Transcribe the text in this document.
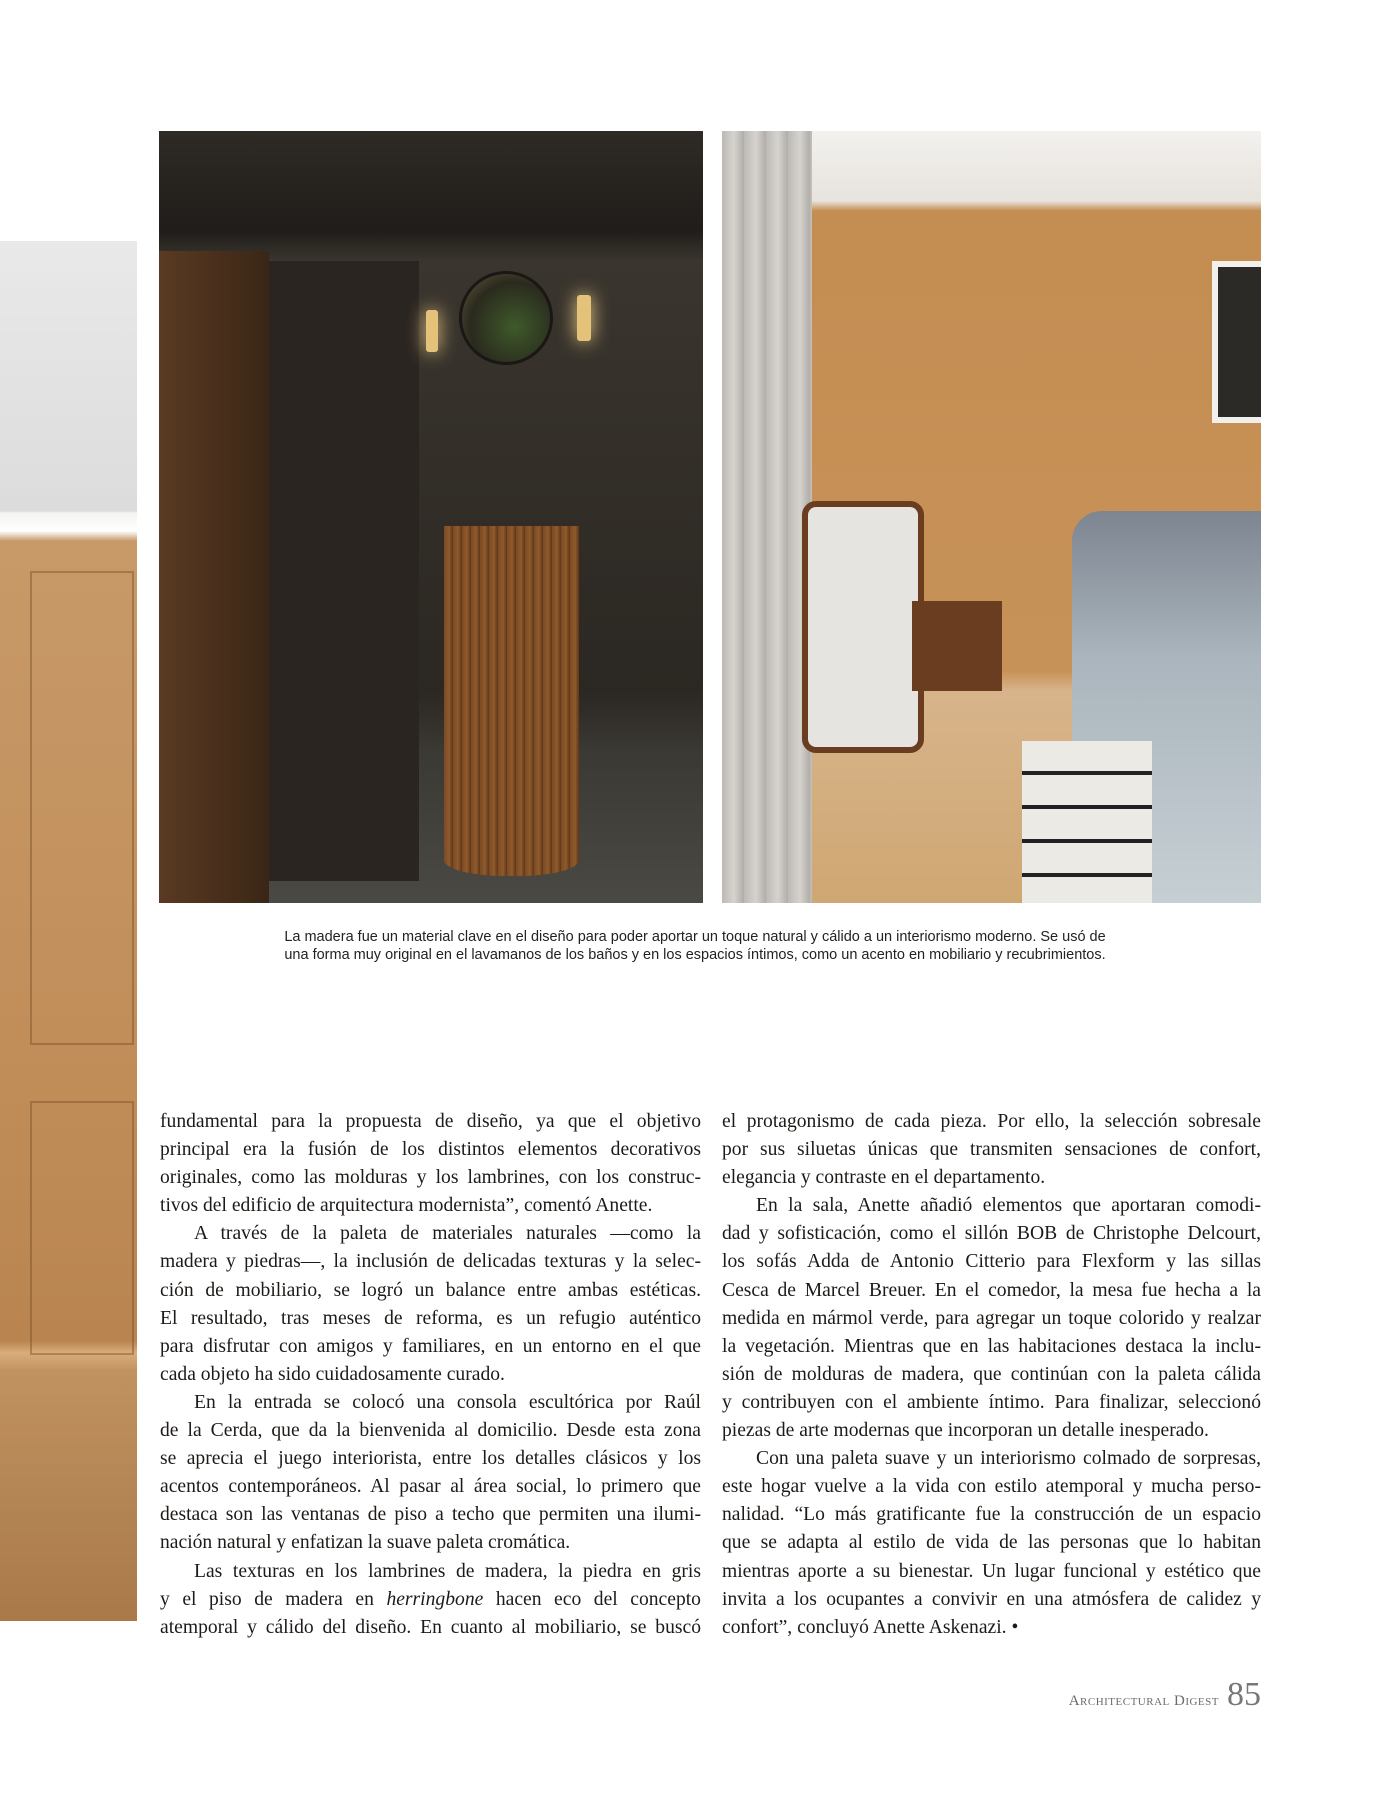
La madera fue un material clave en el diseño para poder aportar un toque natural y cálido a un interiorismo moderno. Se usó de
una forma muy original en el lavamanos de los baños y en los espacios íntimos, como un acento en mobiliario y recubrimientos.
fundamental para la propuesta de diseño, ya que el objetivo
principal era la fusión de los distintos elementos decorativos
originales, como las molduras y los lambrines, con los construc-
tivos del edificio de arquitectura modernista”, comentó Anette.
A través de la paleta de materiales naturales —como la
madera y piedras—, la inclusión de delicadas texturas y la selec-
ción de mobiliario, se logró un balance entre ambas estéticas.
El resultado, tras meses de reforma, es un refugio auténtico
para disfrutar con amigos y familiares, en un entorno en el que
cada objeto ha sido cuidadosamente curado.
En la entrada se colocó una consola escultórica por Raúl
de la Cerda, que da la bienvenida al domicilio. Desde esta zona
se aprecia el juego interiorista, entre los detalles clásicos y los
acentos contemporáneos. Al pasar al área social, lo primero que
destaca son las ventanas de piso a techo que permiten una ilumi-
nación natural y enfatizan la suave paleta cromática.
Las texturas en los lambrines de madera, la piedra en gris
y el piso de madera en herringbone hacen eco del concepto
atemporal y cálido del diseño. En cuanto al mobiliario, se buscó
el protagonismo de cada pieza. Por ello, la selección sobresale
por sus siluetas únicas que transmiten sensaciones de confort,
elegancia y contraste en el departamento.
En la sala, Anette añadió elementos que aportaran comodi-
dad y sofisticación, como el sillón BOB de Christophe Delcourt,
los sofás Adda de Antonio Citterio para Flexform y las sillas
Cesca de Marcel Breuer. En el comedor, la mesa fue hecha a la
medida en mármol verde, para agregar un toque colorido y realzar
la vegetación. Mientras que en las habitaciones destaca la inclu-
sión de molduras de madera, que continúan con la paleta cálida
y contribuyen con el ambiente íntimo. Para finalizar, seleccionó
piezas de arte modernas que incorporan un detalle inesperado.
Con una paleta suave y un interiorismo colmado de sorpresas,
este hogar vuelve a la vida con estilo atemporal y mucha perso-
nalidad. “Lo más gratificante fue la construcción de un espacio
que se adapta al estilo de vida de las personas que lo habitan
mientras aporte a su bienestar. Un lugar funcional y estético que
invita a los ocupantes a convivir en una atmósfera de calidez y
confort”, concluyó Anette Askenazi. •
Architectural Digest 85
